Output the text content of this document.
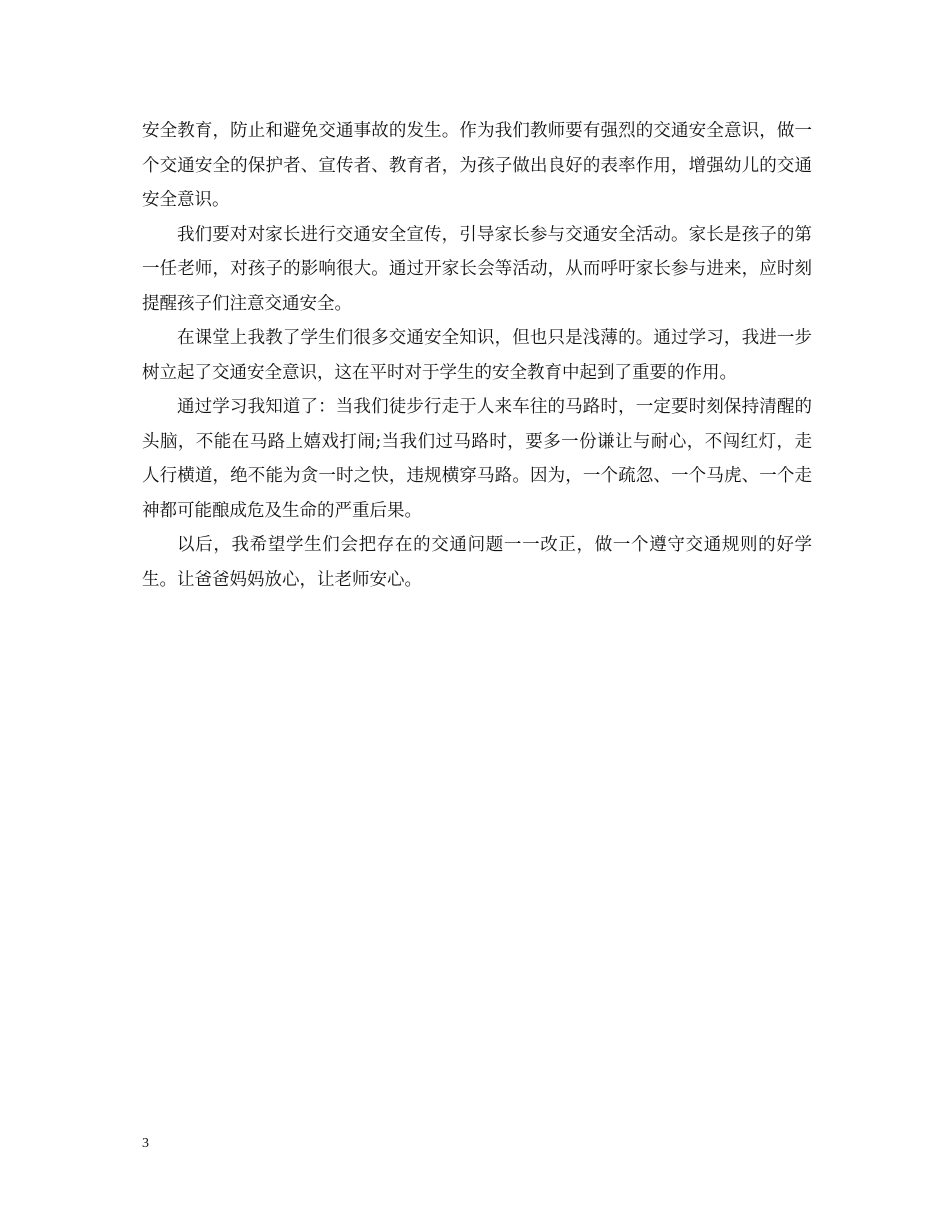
安全教育，防止和避免交通事故的发生。作为我们教师要有强烈的交通安全意识，做一个交通安全的保护者、宣传者、教育者，为孩子做出良好的表率作用，增强幼儿的交通安全意识。

我们要对对家长进行交通安全宣传，引导家长参与交通安全活动。家长是孩子的第一任老师，对孩子的影响很大。通过开家长会等活动，从而呼吁家长参与进来，应时刻提醒孩子们注意交通安全。

在课堂上我教了学生们很多交通安全知识，但也只是浅薄的。通过学习，我进一步树立起了交通安全意识，这在平时对于学生的安全教育中起到了重要的作用。

通过学习我知道了：当我们徒步行走于人来车往的马路时，一定要时刻保持清醒的头脑，不能在马路上嬉戏打闹;当我们过马路时，要多一份谦让与耐心，不闯红灯，走人行横道，绝不能为贪一时之快，违规横穿马路。因为，一个疏忽、一个马虎、一个走神都可能酿成危及生命的严重后果。

以后，我希望学生们会把存在的交通问题一一改正，做一个遵守交通规则的好学生。让爸爸妈妈放心，让老师安心。

3
